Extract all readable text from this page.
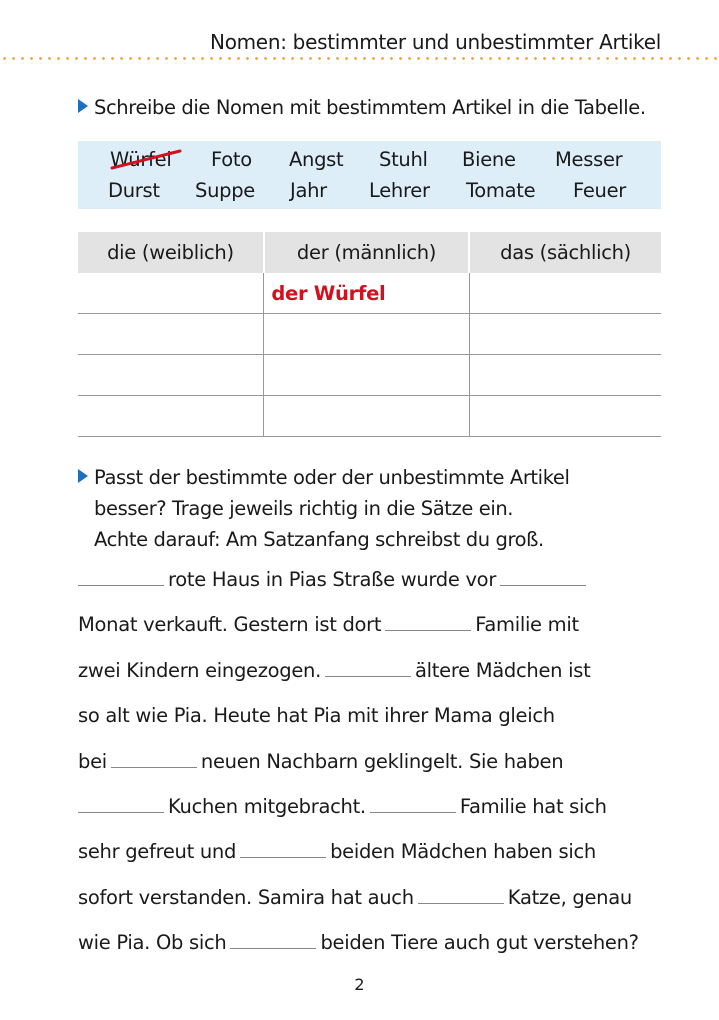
Nomen: bestimmter und unbestimmter Artikel
Schreibe die Nomen mit bestimmtem Artikel in die Tabelle.
Würfel Foto Angst Stuhl Biene Messer
Durst Suppe Jahr Lehrer Tomate Feuer
die (weiblich)	der (männlich)	das (sächlich)
	der Würfel	

Passt der bestimmte oder der unbestimmte Artikel
besser? Trage jeweils richtig in die Sätze ein.
Achte darauf: Am Satzanfang schreibst du groß.
rote Haus in Pias Straße wurde vor
Monat verkauft. Gestern ist dort	Familie mit
zwei Kindern eingezogen.	ältere Mädchen ist
so alt wie Pia. Heute hat Pia mit ihrer Mama gleich
bei	neuen Nachbarn geklingelt. Sie haben
Kuchen mitgebracht.	Familie hat sich
sehr gefreut und	beiden Mädchen haben sich
sofort verstanden. Samira hat auch	Katze, genau
wie Pia. Ob sich	beiden Tiere auch gut verstehen?
2
